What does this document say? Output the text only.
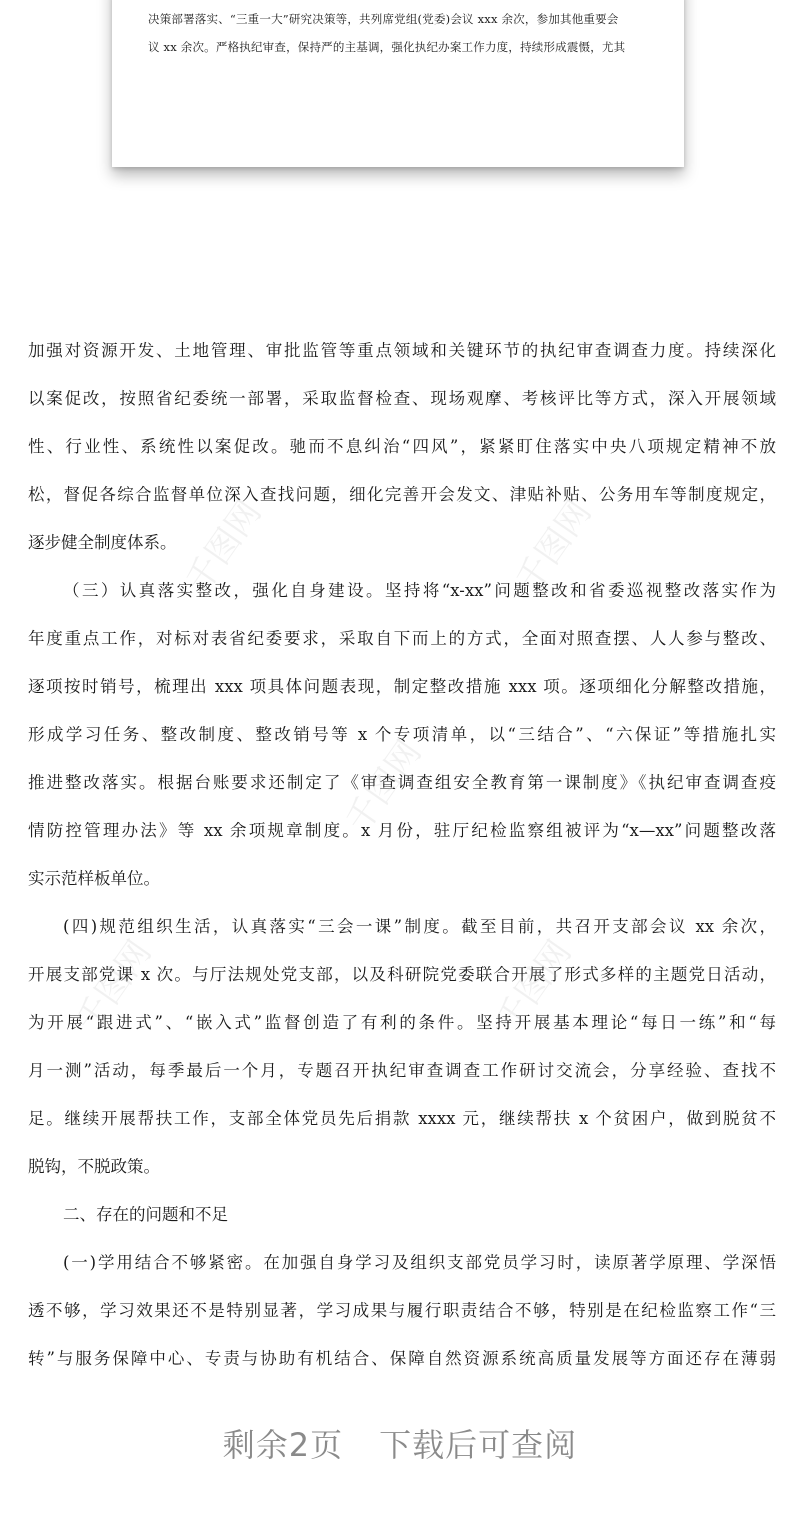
决策部署落实、“三重一大”研究决策等，共列席党组(党委)会议 xxx 余次，参加其他重要会
议 xx 余次。严格执纪审查，保持严的主基调，强化执纪办案工作力度，持续形成震慑，尤其
加强对资源开发、土地管理、审批监管等重点领域和关键环节的执纪审查调查力度。持续深化
以案促改，按照省纪委统一部署，采取监督检查、现场观摩、考核评比等方式，深入开展领域
性、行业性、系统性以案促改。驰而不息纠治“四风”，紧紧盯住落实中央八项规定精神不放
松，督促各综合监督单位深入查找问题，细化完善开会发文、津贴补贴、公务用车等制度规定，
逐步健全制度体系。
（三）认真落实整改，强化自身建设。坚持将“x-xx”问题整改和省委巡视整改落实作为
年度重点工作，对标对表省纪委要求，采取自下而上的方式，全面对照查摆、人人参与整改、
逐项按时销号，梳理出 xxx 项具体问题表现，制定整改措施 xxx 项。逐项细化分解整改措施，
形成学习任务、整改制度、整改销号等 x 个专项清单，以“三结合”、“六保证”等措施扎实
推进整改落实。根据台账要求还制定了《审查调查组安全教育第一课制度》《执纪审查调查疫
情防控管理办法》等 xx 余项规章制度。x 月份，驻厅纪检监察组被评为“x—xx”问题整改落
实示范样板单位。
(四)规范组织生活，认真落实“三会一课”制度。截至目前，共召开支部会议 xx 余次，
开展支部党课 x 次。与厅法规处党支部，以及科研院党委联合开展了形式多样的主题党日活动，
为开展“跟进式”、“嵌入式”监督创造了有利的条件。坚持开展基本理论“每日一练”和“每
月一测”活动，每季最后一个月，专题召开执纪审查调查工作研讨交流会，分享经验、查找不
足。继续开展帮扶工作，支部全体党员先后捐款 xxxx 元，继续帮扶 x 个贫困户，做到脱贫不
脱钩，不脱政策。
二、存在的问题和不足
(一)学用结合不够紧密。在加强自身学习及组织支部党员学习时，读原著学原理、学深悟
透不够，学习效果还不是特别显著，学习成果与履行职责结合不够，特别是在纪检监察工作“三
转”与服务保障中心、专责与协助有机结合、保障自然资源系统高质量发展等方面还存在薄弱
千图网	千图网
千图网
千图网	千图网
剩余2页 下载后可查阅
